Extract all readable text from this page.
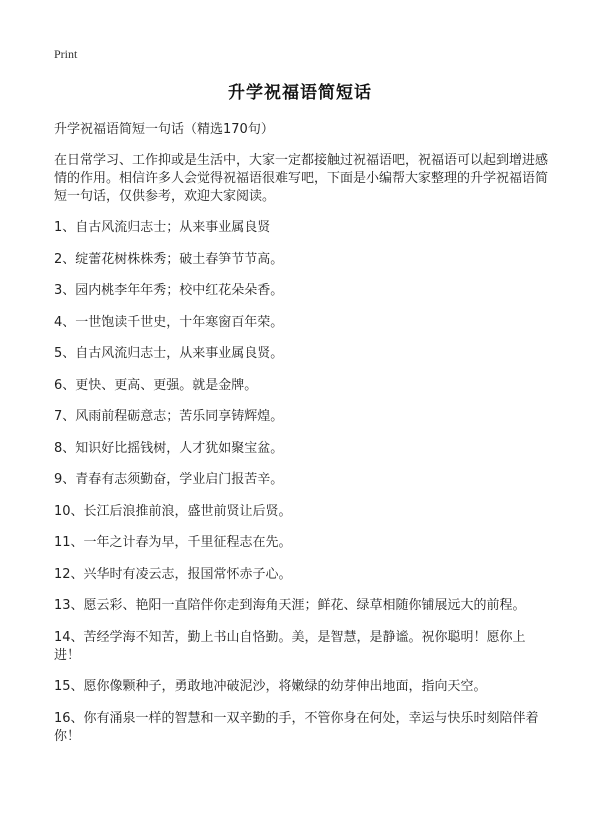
Print
升学祝福语简短话

升学祝福语简短一句话（精选170句）

在日常学习、工作抑或是生活中，大家一定都接触过祝福语吧，祝福语可以起到增进感情的作用。相信许多人会觉得祝福语很难写吧，下面是小编帮大家整理的升学祝福语简短一句话，仅供参考，欢迎大家阅读。

1、自古风流归志士；从来事业属良贤

2、绽蕾花树株株秀；破土春笋节节高。

3、园内桃李年年秀；校中红花朵朵香。

4、一世饱读千世史，十年寒窗百年荣。

5、自古风流归志士，从来事业属良贤。

6、更快、更高、更强。就是金牌。

7、风雨前程砺意志；苦乐同享铸辉煌。

8、知识好比摇钱树，人才犹如聚宝盆。

9、青春有志须勤奋，学业启门报苦辛。

10、长江后浪推前浪，盛世前贤让后贤。

11、一年之计春为早，千里征程志在先。

12、兴华时有凌云志，报国常怀赤子心。

13、愿云彩、艳阳一直陪伴你走到海角天涯；鲜花、绿草相随你铺展远大的前程。

14、苦经学海不知苦，勤上书山自恪勤。美，是智慧，是静谧。祝你聪明！愿你上进！

15、愿你像颗种子，勇敢地冲破泥沙，将嫩绿的幼芽伸出地面，指向天空。

16、你有涌泉一样的智慧和一双辛勤的手，不管你身在何处，幸运与快乐时刻陪伴着你！
